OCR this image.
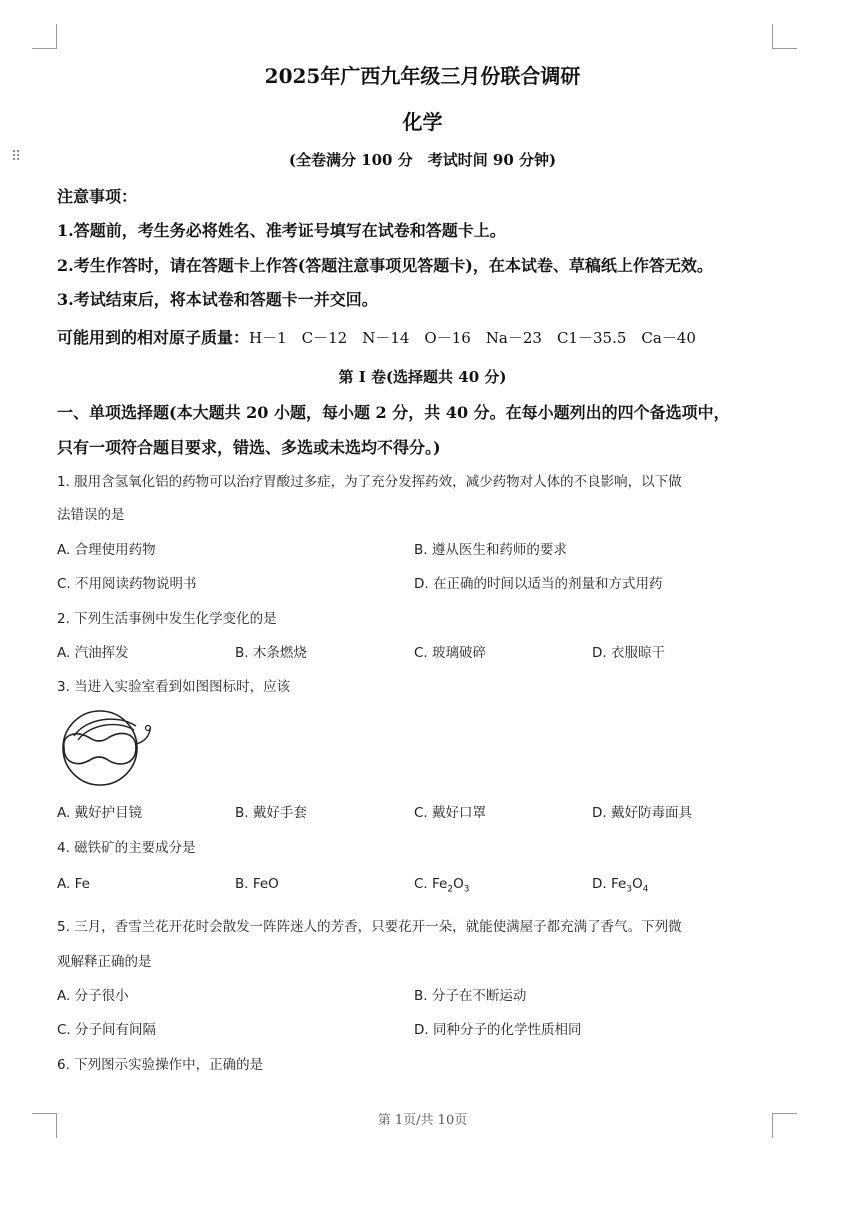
⠿
2025年广西九年级三月份联合调研
化学
(全卷满分 100 分　考试时间 90 分钟)
注意事项：
1.答题前，考生务必将姓名、准考证号填写在试卷和答题卡上。
2.考生作答时，请在答题卡上作答(答题注意事项见答题卡)，在本试卷、草稿纸上作答无效。
3.考试结束后，将本试卷和答题卡一并交回。
可能用到的相对原子质量：H－1　C－12　N－14　O－16　Na－23　C1－35.5　Ca－40
第 I 卷(选择题共 40 分)
一、单项选择题(本大题共 20 小题，每小题 2 分，共 40 分。在每小题列出的四个备选项中，
只有一项符合题目要求，错选、多选或未选均不得分。)
1. 服用含氢氧化铝的药物可以治疗胃酸过多症，为了充分发挥药效，减少药物对人体的不良影响，以下做
法错误的是
A. 合理使用药物	B. 遵从医生和药师的要求
C. 不用阅读药物说明书	D. 在正确的时间以适当的剂量和方式用药
2. 下列生活事例中发生化学变化的是
A. 汽油挥发	B. 木条燃烧	C. 玻璃破碎	D. 衣服晾干
3. 当进入实验室看到如图图标时，应该
A. 戴好护目镜	B. 戴好手套	C. 戴好口罩	D. 戴好防毒面具
4. 磁铁矿的主要成分是
A. Fe	B. FeO	C. $Fe_2O_3$	D. $Fe_3O_4$
5. 三月，香雪兰花开花时会散发一阵阵迷人的芳香，只要花开一朵，就能使满屋子都充满了香气。下列微
观解释正确的是
A. 分子很小	B. 分子在不断运动
C. 分子间有间隔	D. 同种分子的化学性质相同
6. 下列图示实验操作中，正确的是
第 1页/共 10页
